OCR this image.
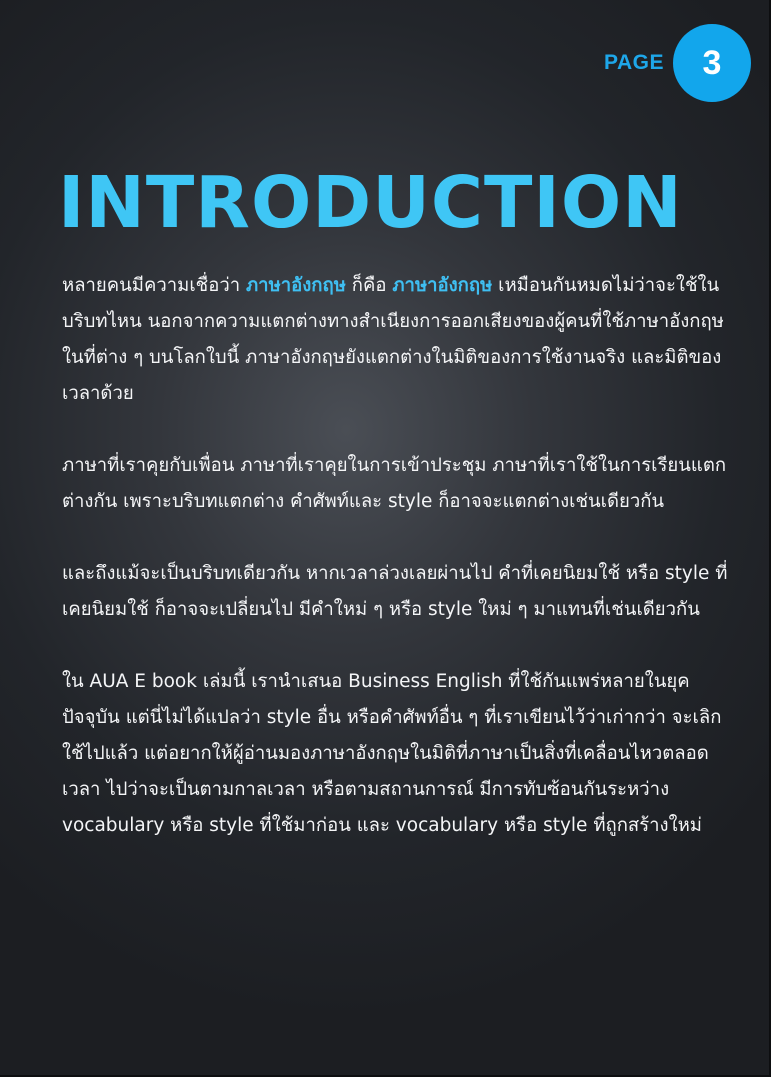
PAGE	3
INTRODUCTION

หลายคนมีความเชื่อว่า ภาษาอังกฤษ ก็คือ ภาษาอังกฤษ เหมือนกันหมดไม่ว่าจะใช้ในบริบทไหน นอกจากความแตกต่างทางสำเนียงการออกเสียงของผู้คนที่ใช้ภาษาอังกฤษในที่ต่าง ๆ บนโลกใบนี้ ภาษาอังกฤษยังแตกต่างในมิติของการใช้งานจริง และมิติของเวลาด้วย

ภาษาที่เราคุยกับเพื่อน ภาษาที่เราคุยในการเข้าประชุม ภาษาที่เราใช้ในการเรียนแตกต่างกัน เพราะบริบทแตกต่าง คำศัพท์และ style ก็อาจจะแตกต่างเช่นเดียวกัน

และถึงแม้จะเป็นบริบทเดียวกัน หากเวลาล่วงเลยผ่านไป คำที่เคยนิยมใช้ หรือ style ที่เคยนิยมใช้ ก็อาจจะเปลี่ยนไป มีคำใหม่ ๆ หรือ style ใหม่ ๆ มาแทนที่เช่นเดียวกัน

ใน AUA E book เล่มนี้ เรานำเสนอ Business English ที่ใช้กันแพร่หลายในยุคปัจจุบัน แต่นี่ไม่ได้แปลว่า style อื่น หรือคำศัพท์อื่น ๆ ที่เราเขียนไว้ว่าเก่ากว่า จะเลิกใช้ไปแล้ว แต่อยากให้ผู้อ่านมองภาษาอังกฤษในมิติที่ภาษาเป็นสิ่งที่เคลื่อนไหวตลอดเวลา ไปว่าจะเป็นตามกาลเวลา หรือตามสถานการณ์ มีการทับซ้อนกันระหว่าง vocabulary หรือ style ที่ใช้มาก่อน และ vocabulary หรือ style ที่ถูกสร้างใหม่
